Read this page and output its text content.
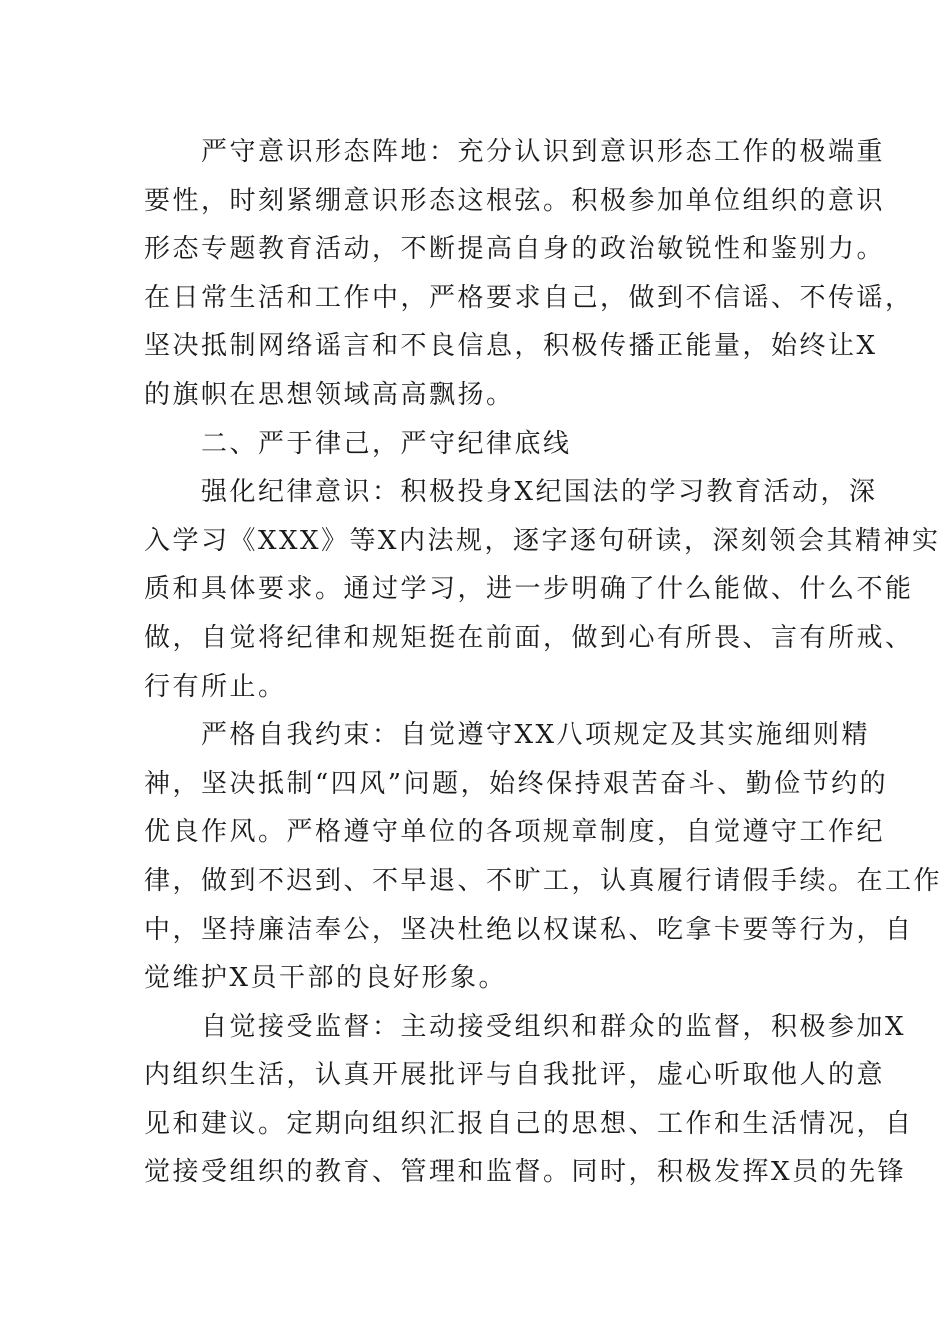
　　严守意识形态阵地：充分认识到意识形态工作的极端重
要性，时刻紧绷意识形态这根弦。积极参加单位组织的意识
形态专题教育活动，不断提高自身的政治敏锐性和鉴别力。
在日常生活和工作中，严格要求自己，做到不信谣、不传谣，
坚决抵制网络谣言和不良信息，积极传播正能量，始终让X
的旗帜在思想领域高高飘扬。
　　二、严于律己，严守纪律底线
　　强化纪律意识：积极投身X纪国法的学习教育活动，深
入学习《XXX》等X内法规，逐字逐句研读，深刻领会其精神实
质和具体要求。通过学习，进一步明确了什么能做、什么不能
做，自觉将纪律和规矩挺在前面，做到心有所畏、言有所戒、
行有所止。
　　严格自我约束：自觉遵守XX八项规定及其实施细则精
神，坚决抵制“四风”问题，始终保持艰苦奋斗、勤俭节约的
优良作风。严格遵守单位的各项规章制度，自觉遵守工作纪
律，做到不迟到、不早退、不旷工，认真履行请假手续。在工作
中，坚持廉洁奉公，坚决杜绝以权谋私、吃拿卡要等行为，自
觉维护X员干部的良好形象。
　　自觉接受监督：主动接受组织和群众的监督，积极参加X
内组织生活，认真开展批评与自我批评，虚心听取他人的意
见和建议。定期向组织汇报自己的思想、工作和生活情况，自
觉接受组织的教育、管理和监督。同时，积极发挥X员的先锋
